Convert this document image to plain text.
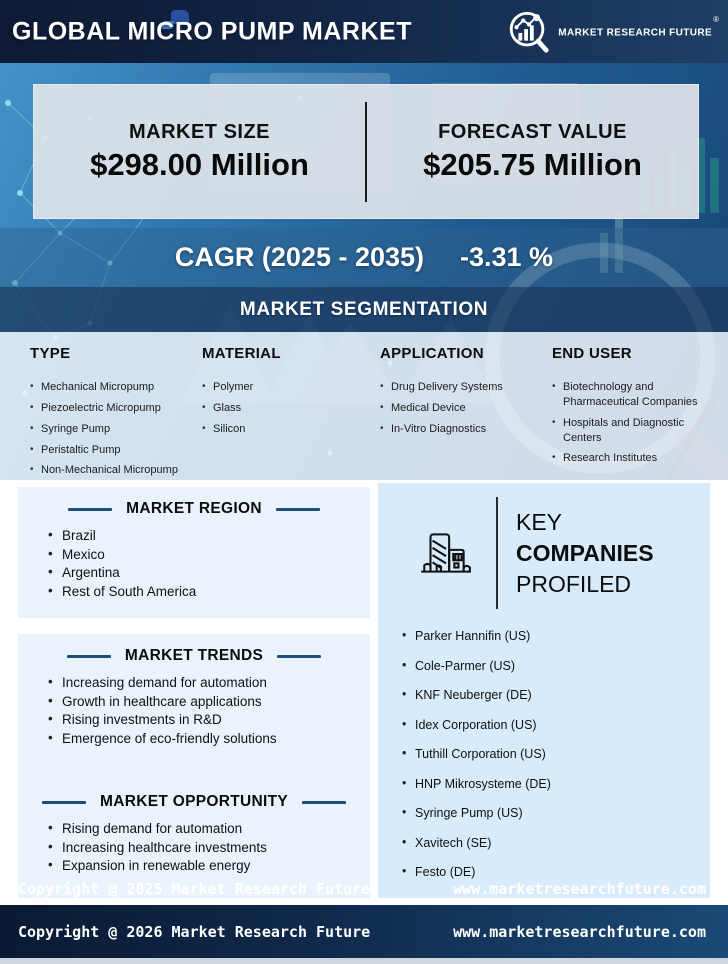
GLOBAL MICRO PUMP MARKET	MARKET RESEARCH FUTURE®
MARKET SIZE
$298.00 Million
FORECAST VALUE
$205.75 Million
CAGR (2025 - 2035) -3.31 %
MARKET SEGMENTATION
TYPE
• Mechanical Micropump
• Piezoelectric Micropump
• Syringe Pump
• Peristaltic Pump
• Non-Mechanical Micropump
MATERIAL
• Polymer
• Glass
• Silicon
APPLICATION
• Drug Delivery Systems
• Medical Device
• In-Vitro Diagnostics
END USER
• Biotechnology and Pharmaceutical Companies
• Hospitals and Diagnostic Centers
• Research Institutes
MARKET REGION
• Brazil
• Mexico
• Argentina
• Rest of South America
MARKET TRENDS
• Increasing demand for automation
• Growth in healthcare applications
• Rising investments in R&D
• Emergence of eco-friendly solutions
MARKET OPPORTUNITY
• Rising demand for automation
• Increasing healthcare investments
• Expansion in renewable energy
KEY
COMPANIES
PROFILED
• Parker Hannifin (US)
• Cole-Parmer (US)
• KNF Neuberger (DE)
• Idex Corporation (US)
• Tuthill Corporation (US)
• HNP Mikrosysteme (DE)
• Syringe Pump (US)
• Xavitech (SE)
• Festo (DE)
Copyright @ 2025 Market Research Future	www.marketresearchfuture.com
Copyright @ 2026 Market Research Future	www.marketresearchfuture.com
